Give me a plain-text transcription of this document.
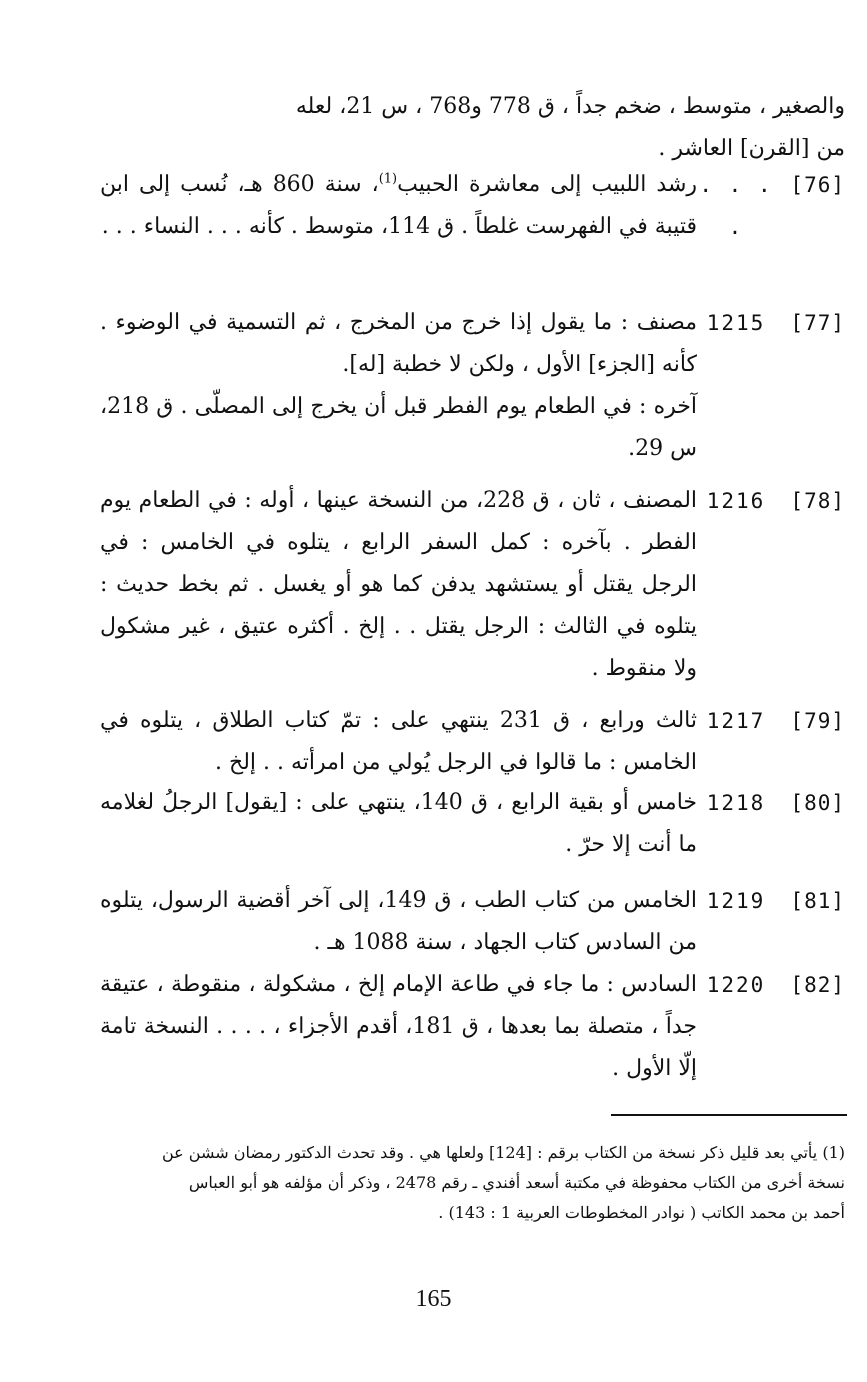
والصغير ، متوسط ، ضخم جداً ، ق 778 و768 ، س 21، لعله

من [القرن] العاشر .

[76]
. . . .

رشد اللبيب إلى معاشرة الحبيب$^{(1)}$، سنة 860 هـ، نُسب إلى ابن قتيبة في الفهرست غلطاً . ق 114، متوسط . كأنه . . . النساء . . .

[77]
1215

مصنف : ما يقول إذا خرج من المخرج ، ثم التسمية في الوضوء . كأنه [الجزء] الأول ، ولكن لا خطبة [له].

آخره : في الطعام يوم الفطر قبل أن يخرج إلى المصلّى . ق 218، س 29.

[78]
1216

المصنف ، ثان ، ق 228، من النسخة عينها ، أوله : في الطعام يوم الفطر . بآخره : كمل السفر الرابع ، يتلوه في الخامس : في الرجل يقتل أو يستشهد يدفن كما هو أو يغسل . ثم بخط حديث : يتلوه في الثالث : الرجل يقتل . . إلخ . أكثره عتيق ، غير مشكول ولا منقوط .

[79]
1217

ثالث ورابع ، ق 231 ينتهي على : تمّ كتاب الطلاق ، يتلوه في الخامس : ما قالوا في الرجل يُولي من امرأته . . إلخ .

[80]
1218

خامس أو بقية الرابع ، ق 140، ينتهي على : [يقول] الرجلُ لغلامه ما أنت إلا حرّ .

[81]
1219

الخامس من كتاب الطب ، ق 149، إلى آخر أقضية الرسول، يتلوه من السادس كتاب الجهاد ، سنة 1088 هـ .

[82]
1220

السادس : ما جاء في طاعة الإمام إلخ ، مشكولة ، منقوطة ، عتيقة جداً ، متصلة بما بعدها ، ق 181، أقدم الأجزاء ، . . . . النسخة تامة إلّا الأول .

(1) يأتي بعد قليل ذكر نسخة من الكتاب برقم : [124] ولعلها هي . وقد تحدث الدكتور رمضان ششن عن

نسخة أخرى من الكتاب محفوظة في مكتبة أسعد أفندي ـ رقم 2478 ، وذكر أن مؤلفه هو أبو العباس

أحمد بن محمد الكاتب ( نوادر المخطوطات العربية 1 : 143) .

165
